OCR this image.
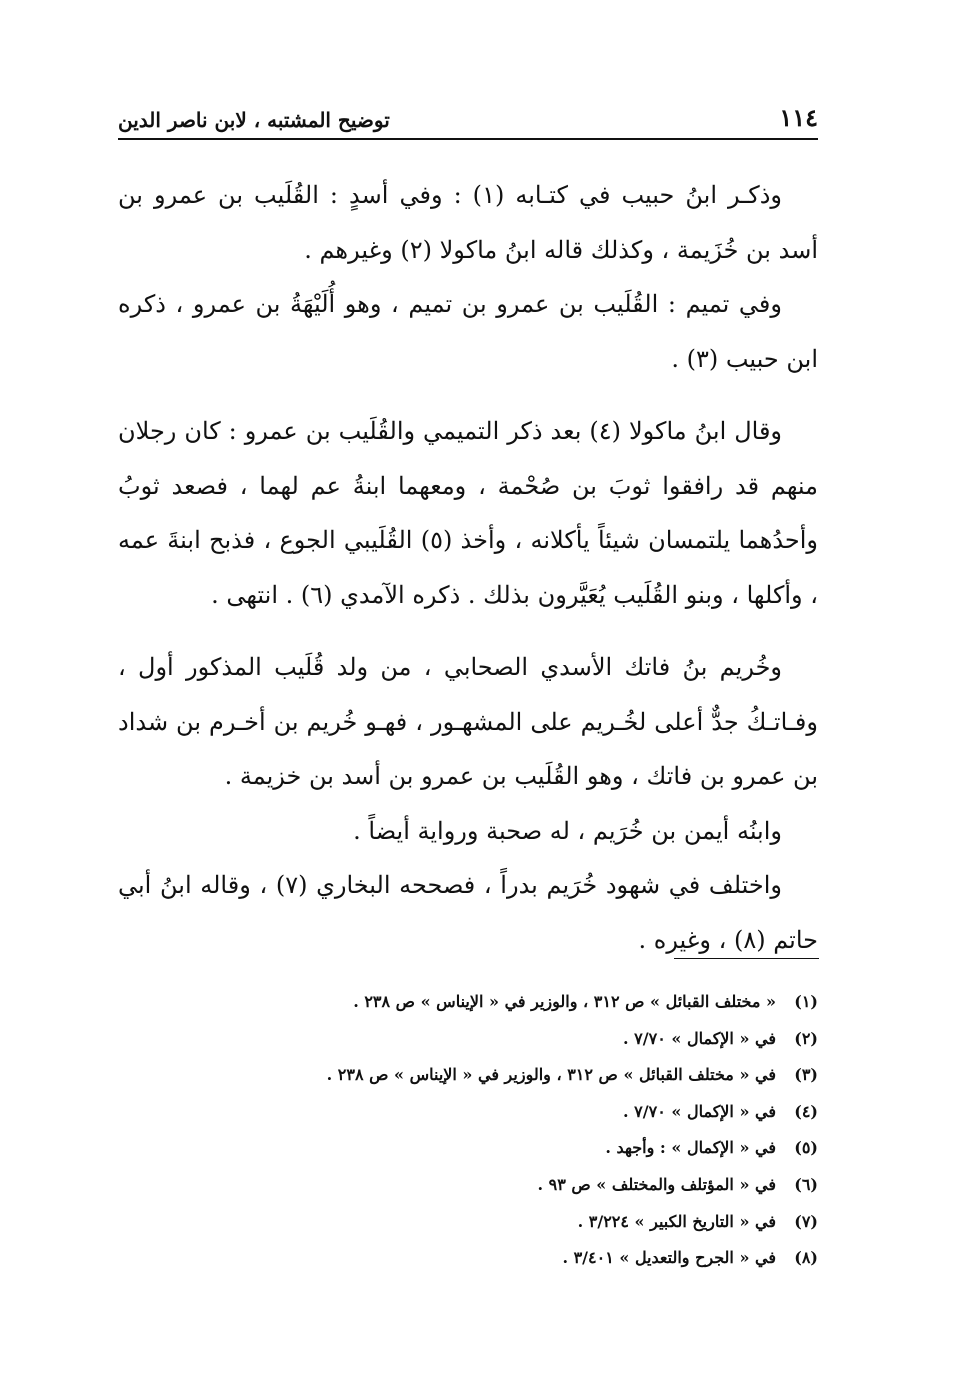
١١٤
توضيح المشتبه ، لابن ناصر الدين

وذكـر ابنُ حبيب في كتـابه (١) : وفي أسدٍ : القُلَيب بن عمرو بن أسد بن خُزَيمة ، وكذلك قاله ابنُ ماكولا (٢) وغيرهم .

وفي تميم : القُلَيب بن عمرو بن تميم ، وهو أُلَيْهَةُ بن عمرو ، ذكره ابن حبيب (٣) .

وقال ابنُ ماكولا (٤) بعد ذكر التميمي والقُلَيب بن عمرو : كان رجلان منهم قد رافقوا ثوبَ بن صُحْمة ، ومعهما ابنةُ عم لهما ، فصعد ثوبُ وأحدُهما يلتمسان شيئاً يأكلانه ، وأخذ (٥) القُلَيبي الجوع ، فذبح ابنةَ عمه ، وأكلها ، وبنو القُلَيب يُعَيَّرون بذلك . ذكره الآمدي (٦) . انتهى .

وخُريم بنُ فاتك الأسدي الصحابي ، من ولد قُلَيب المذكور أول ، وفـاتـكُ جدٌّ أعلى لخُـريم على المشهـور ، فهـو خُريم بن أخـرم بن شداد بن عمرو بن فاتك ، وهو القُلَيب بن عمرو بن أسد بن خزيمة .

وابنُه أيمن بن خُرَيم ، له صحبة ورواية أيضاً .

واختلف في شهود خُرَيم بدراً ، فصححه البخاري (٧) ، وقاله ابنُ أبي حاتم (٨) ، وغيره .

(١)
« مختلف القبائل » ص ٣١٢ ، والوزير في « الإيناس » ص ٢٣٨ .
(٢)
في « الإكمال » ٧/٧٠ .
(٣)
في « مختلف القبائل » ص ٣١٢ ، والوزير في « الإيناس » ص ٢٣٨ .
(٤)
في « الإكمال » ٧/٧٠ .
(٥)
في « الإكمال » : وأجهد .
(٦)
في « المؤتلف والمختلف » ص ٩٣ .
(٧)
في « التاريخ الكبير » ٣/٢٢٤ .
(٨)
في « الجرح والتعديل » ٣/٤٠١ .
